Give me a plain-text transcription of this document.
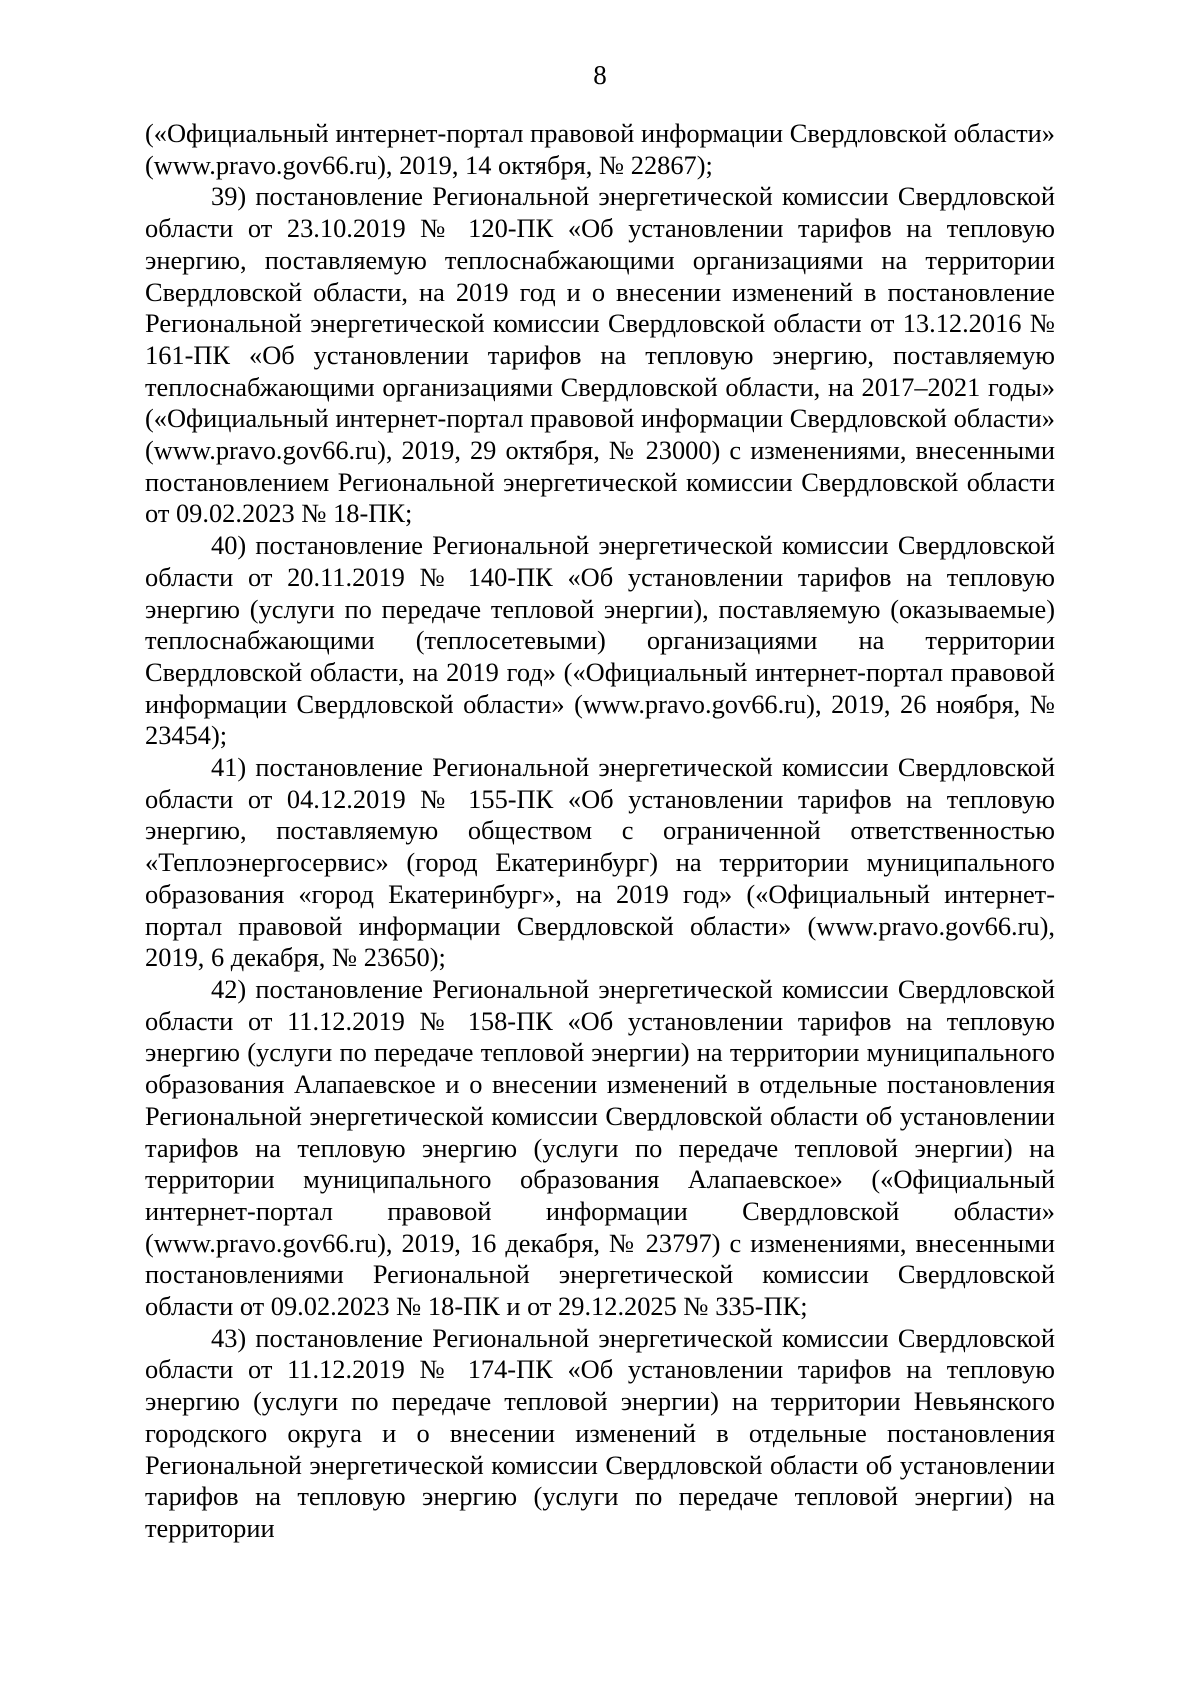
8

(«Официальный интернет-портал правовой информации Свердловской области» (www.pravo.gov66.ru), 2019, 14 октября, № 22867);

39) постановление Региональной энергетической комиссии Свердловской области от 23.10.2019 № 120-ПК «Об установлении тарифов на тепловую энергию, поставляемую теплоснабжающими организациями на территории Свердловской области, на 2019 год и о внесении изменений в постановление Региональной энергетической комиссии Свердловской области от 13.12.2016 № 161-ПК «Об установлении тарифов на тепловую энергию, поставляемую теплоснабжающими организациями Свердловской области, на 2017–2021 годы» («Официальный интернет-портал правовой информации Свердловской области» (www.pravo.gov66.ru), 2019, 29 октября, № 23000) с изменениями, внесенными постановлением Региональной энергетической комиссии Свердловской области от 09.02.2023 № 18-ПК;

40) постановление Региональной энергетической комиссии Свердловской области от 20.11.2019 № 140-ПК «Об установлении тарифов на тепловую энергию (услуги по передаче тепловой энергии), поставляемую (оказываемые) теплоснабжающими (теплосетевыми) организациями на территории Свердловской области, на 2019 год» («Официальный интернет-портал правовой информации Свердловской области» (www.pravo.gov66.ru), 2019, 26 ноября, № 23454);

41) постановление Региональной энергетической комиссии Свердловской области от 04.12.2019 № 155-ПК «Об установлении тарифов на тепловую энергию, поставляемую обществом с ограниченной ответственностью «Теплоэнергосервис» (город Екатеринбург) на территории муниципального образования «город Екатеринбург», на 2019 год» («Официальный интернет-портал правовой информации Свердловской области» (www.pravo.gov66.ru), 2019, 6 декабря, № 23650);

42) постановление Региональной энергетической комиссии Свердловской области от 11.12.2019 № 158-ПК «Об установлении тарифов на тепловую энергию (услуги по передаче тепловой энергии) на территории муниципального образования Алапаевское и о внесении изменений в отдельные постановления Региональной энергетической комиссии Свердловской области об установлении тарифов на тепловую энергию (услуги по передаче тепловой энергии) на территории муниципального образования Алапаевское» («Официальный интернет-портал правовой информации Свердловской области» (www.pravo.gov66.ru), 2019, 16 декабря, № 23797) с изменениями, внесенными постановлениями Региональной энергетической комиссии Свердловской области от 09.02.2023 № 18-ПК и от 29.12.2025 № 335-ПК;

43) постановление Региональной энергетической комиссии Свердловской области от 11.12.2019 № 174-ПК «Об установлении тарифов на тепловую энергию (услуги по передаче тепловой энергии) на территории Невьянского городского округа и о внесении изменений в отдельные постановления Региональной энергетической комиссии Свердловской области об установлении тарифов на тепловую энергию (услуги по передаче тепловой энергии) на территории
